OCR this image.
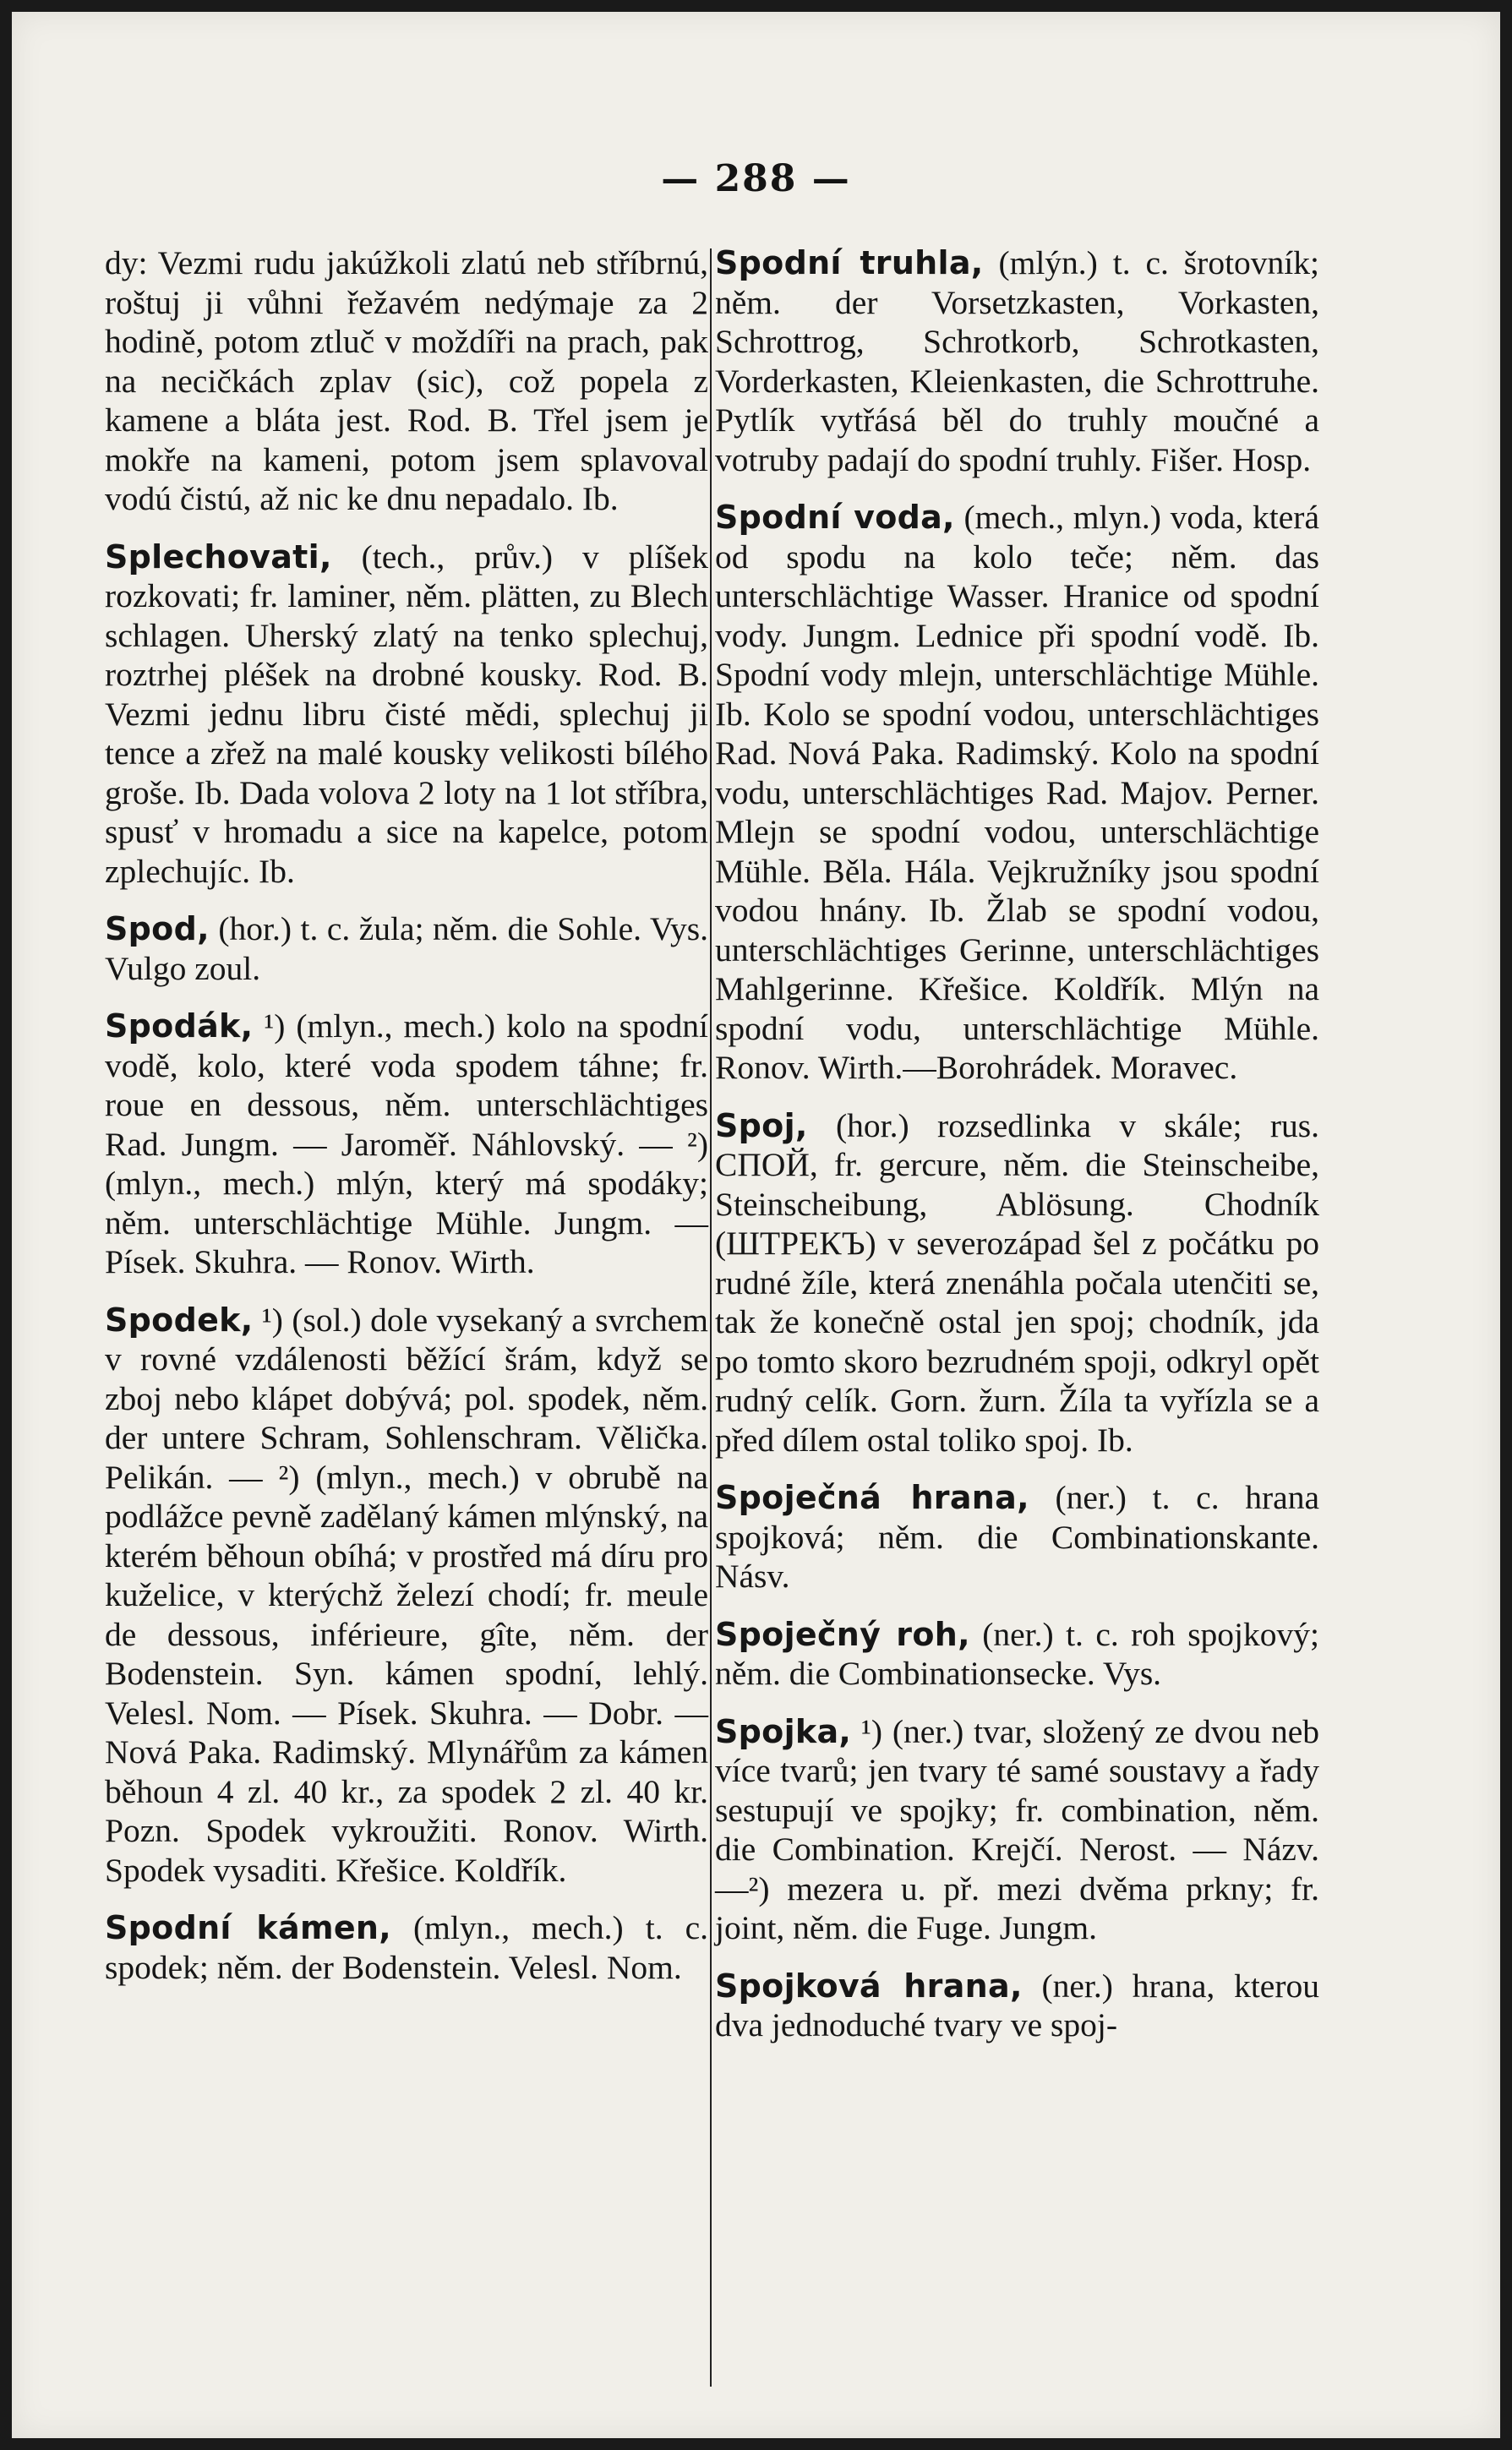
— 288 —

dy: Vezmi rudu jakúžkoli zlatú neb stříbrnú, roštuj ji vůhni řežavém nedýmaje za 2 hodině, potom ztluč v moždíři na prach, pak na necičkách zplav (sic), což popela z kamene a bláta jest. Rod. B. Třel jsem je mokře na kameni, potom jsem splavoval vodú čistú, až nic ke dnu nepadalo. Ib.

Splechovati, (tech., prův.) v plíšek rozkovati; fr. laminer, něm. plätten, zu Blech schlagen. Uherský zlatý na tenko splechuj, roztrhej pléšek na drobné kousky. Rod. B. Vezmi jednu libru čisté mědi, splechuj ji tence a zřež na malé kousky velikosti bílého groše. Ib. Dada volova 2 loty na 1 lot stříbra, spusť v hromadu a sice na kapelce, potom zplechujíc. Ib.

Spod, (hor.) t. c. žula; něm. die Sohle. Vys. Vulgo zoul.

Spodák, ¹) (mlyn., mech.) kolo na spodní vodě, kolo, které voda spodem táhne; fr. roue en dessous, něm. unterschlächtiges Rad. Jungm. — Jaroměř. Náhlovský. — ²) (mlyn., mech.) mlýn, který má spodáky; něm. unterschlächtige Mühle. Jungm. — Písek. Skuhra. — Ronov. Wirth.

Spodek, ¹) (sol.) dole vysekaný a svrchem v rovné vzdálenosti běžící šrám, když se zboj nebo klápet dobývá; pol. spodek, něm. der untere Schram, Sohlenschram. Vělička. Pelikán. — ²) (mlyn., mech.) v obrubě na podlážce pevně zadělaný kámen mlýnský, na kterém běhoun obíhá; v prostřed má díru pro kuželice, v kterýchž železí chodí; fr. meule de dessous, inférieure, gîte, něm. der Bodenstein. Syn. kámen spodní, lehlý. Velesl. Nom. — Písek. Skuhra. — Dobr. — Nová Paka. Radimský. Mlynářům za kámen běhoun 4 zl. 40 kr., za spodek 2 zl. 40 kr. Pozn. Spodek vykroužiti. Ronov. Wirth. Spodek vysaditi. Křešice. Koldřík.

Spodní kámen, (mlyn., mech.) t. c. spodek; něm. der Bodenstein. Velesl. Nom.

Spodní truhla, (mlýn.) t. c. šrotovník; něm. der Vorsetzkasten, Vorkasten, Schrottrog, Schrotkorb, Schrotkasten, Vorderkasten, Kleienkasten, die Schrottruhe. Pytlík vytřásá běl do truhly moučné a votruby padají do spodní truhly. Fišer. Hosp.

Spodní voda, (mech., mlyn.) voda, která od spodu na kolo teče; něm. das unterschlächtige Wasser. Hranice od spodní vody. Jungm. Lednice při spodní vodě. Ib. Spodní vody mlejn, unterschlächtige Mühle. Ib. Kolo se spodní vodou, unterschlächtiges Rad. Nová Paka. Radimský. Kolo na spodní vodu, unterschlächtiges Rad. Majov. Perner. Mlejn se spodní vodou, unterschlächtige Mühle. Běla. Hála. Vejkružníky jsou spodní vodou hnány. Ib. Žlab se spodní vodou, unterschlächtiges Gerinne, unterschlächtiges Mahlgerinne. Křešice. Koldřík. Mlýn na spodní vodu, unterschlächtige Mühle. Ronov. Wirth.—Borohrádek. Moravec.

Spoj, (hor.) rozsedlinka v skále; rus. СПОЙ, fr. gercure, něm. die Steinscheibe, Steinscheibung, Ablösung. Chodník (ШТРЕКЪ) v severozápad šel z počátku po rudné žíle, která znenáhla počala utenčiti se, tak že konečně ostal jen spoj; chodník, jda po tomto skoro bezrudném spoji, odkryl opět rudný celík. Gorn. žurn. Žíla ta vyřízla se a před dílem ostal toliko spoj. Ib.

Spoječná hrana, (ner.) t. c. hrana spojková; něm. die Combinationskante. Násv.

Spoječný roh, (ner.) t. c. roh spojkový; něm. die Combinationsecke. Vys.

Spojka, ¹) (ner.) tvar, složený ze dvou neb více tvarů; jen tvary té samé soustavy a řady sestupují ve spojky; fr. combination, něm. die Combination. Krejčí. Nerost. — Názv. —²) mezera u. př. mezi dvěma prkny; fr. joint, něm. die Fuge. Jungm.

Spojková hrana, (ner.) hrana, kterou dva jednoduché tvary ve spoj-
